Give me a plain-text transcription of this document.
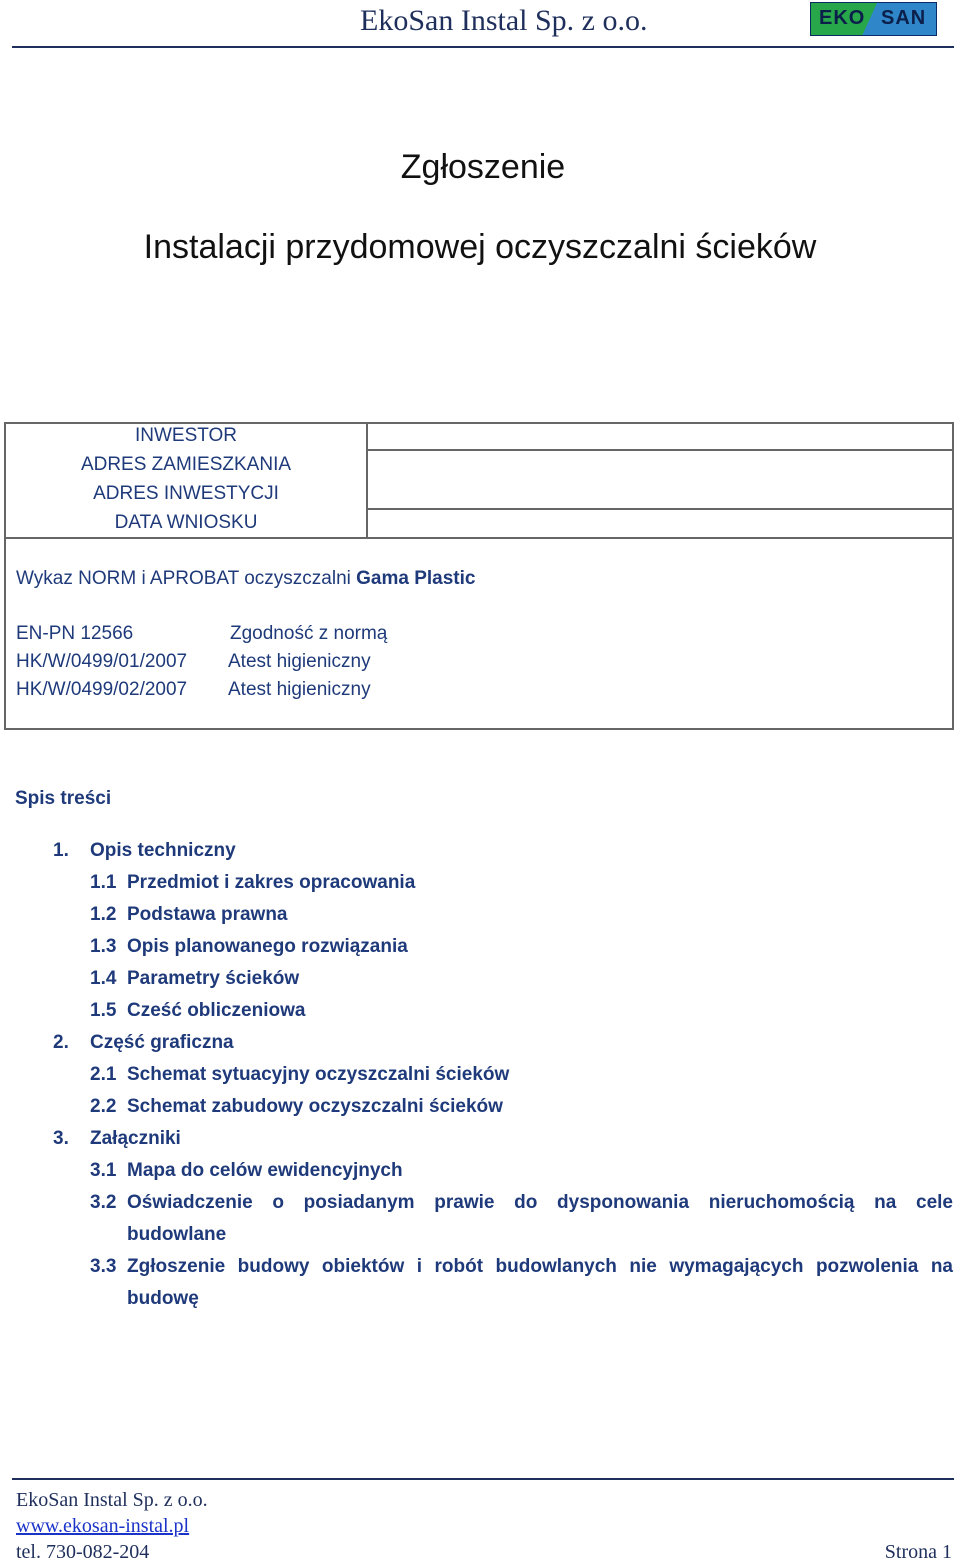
EkoSan Instal Sp. z o.o.	EKO SAN
Zgłoszenie
Instalacji przydomowej oczyszczalni ścieków
INWESTOR
ADRES ZAMIESZKANIA
ADRES INWESTYCJI
DATA WNIOSKU
Wykaz NORM i APROBAT oczyszczalni Gama Plastic
EN-PN 12566	Zgodność z normą
HK/W/0499/01/2007 Atest higieniczny
HK/W/0499/02/2007 Atest higieniczny
Spis treści
1. Opis techniczny
1.1 Przedmiot i zakres opracowania
1.2 Podstawa prawna
1.3 Opis planowanego rozwiązania
1.4 Parametry ścieków
1.5 Cześć obliczeniowa
2. Część graficzna
2.1 Schemat sytuacyjny oczyszczalni ścieków
2.2 Schemat zabudowy oczyszczalni ścieków
3. Załączniki
3.1 Mapa do celów ewidencyjnych
3.2 Oświadczenie o posiadanym prawie do dysponowania nieruchomością na cele
budowlane
3.3 Zgłoszenie budowy obiektów i robót budowlanych nie wymagających pozwolenia na
budowę
EkoSan Instal Sp. z o.o.
www.ekosan-instal.pl
tel. 730-082-204	Strona 1
